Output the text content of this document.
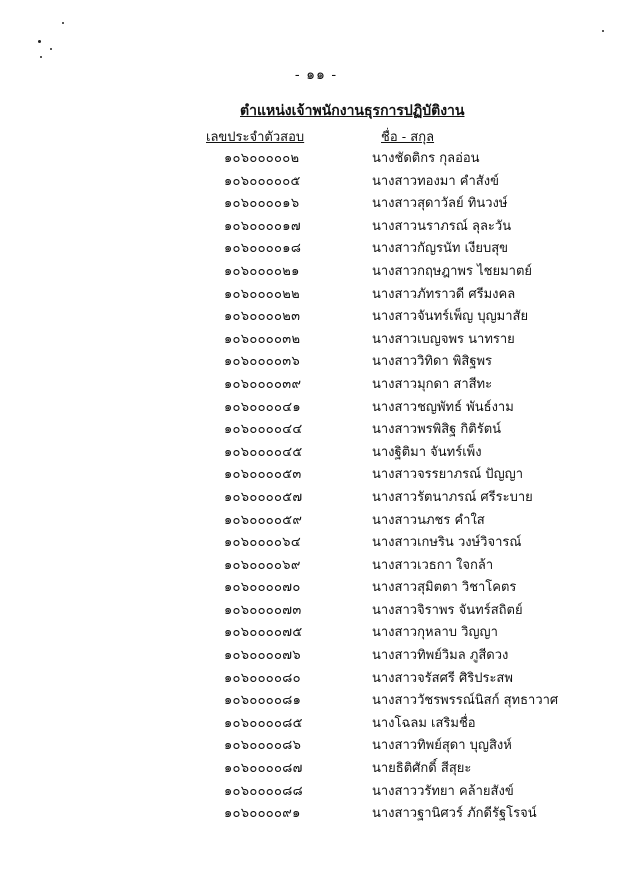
- ๑๑ -
ตำแหน่งเจ้าพนักงานธุรการปฏิบัติงาน
เลขประจำตัวสอบ	ชื่อ - สกุล
๑๐๖๐๐๐๐๐๒	นางชัดติกร กุลอ่อน
๑๐๖๐๐๐๐๐๕	นางสาวทองมา คำสังข์
๑๐๖๐๐๐๐๑๖	นางสาวสุดาวัลย์ ทินวงษ์
๑๐๖๐๐๐๐๑๗	นางสาวนราภรณ์ ลุละวัน
๑๐๖๐๐๐๐๑๘	นางสาวกัญรนัท เงียบสุข
๑๐๖๐๐๐๐๒๑	นางสาวกฤษฎาพร ไชยมาตย์
๑๐๖๐๐๐๐๒๒	นางสาวภัทราวดี ศรีมงคล
๑๐๖๐๐๐๐๒๓	นางสาวจันทร์เพ็ญ บุญมาสัย
๑๐๖๐๐๐๐๓๒	นางสาวเบญจพร นาทราย
๑๐๖๐๐๐๐๓๖	นางสาววิทิดา พิสิฐพร
๑๐๖๐๐๐๐๓๙	นางสาวมุกดา สาสีทะ
๑๐๖๐๐๐๐๔๑	นางสาวชญพัทธ์ พันธ์งาม
๑๐๖๐๐๐๐๔๔	นางสาวพรพิสิฐ กิติรัตน์
๑๐๖๐๐๐๐๔๕	นางฐิติมา จันทร์เพ็ง
๑๐๖๐๐๐๐๕๓	นางสาวจรรยาภรณ์ ปัญญา
๑๐๖๐๐๐๐๕๗	นางสาวรัตนาภรณ์ ศรีระบาย
๑๐๖๐๐๐๐๕๙	นางสาวนภชร คำใส
๑๐๖๐๐๐๐๖๔	นางสาวเกษริน วงษ์วิจารณ์
๑๐๖๐๐๐๐๖๙	นางสาวเวธกา ใจกล้า
๑๐๖๐๐๐๐๗๐	นางสาวสุมิตตา วิชาโคตร
๑๐๖๐๐๐๐๗๓	นางสาวจิราพร จันทร์สถิตย์
๑๐๖๐๐๐๐๗๕	นางสาวกุหลาบ วิญญา
๑๐๖๐๐๐๐๗๖	นางสาวทิพย์วิมล ภูสีดวง
๑๐๖๐๐๐๐๘๐	นางสาวจรัสศรี ศิริประสพ
๑๐๖๐๐๐๐๘๑	นางสาววัชรพรรณ์นิสก์ สุทธาวาศ
๑๐๖๐๐๐๐๘๕	นางโฉลม เสริมชื่อ
๑๐๖๐๐๐๐๘๖	นางสาวทิพย์สุดา บุญสิงห์
๑๐๖๐๐๐๐๘๗	นายธิติศักดิ์ สีสุยะ
๑๐๖๐๐๐๐๘๘	นางสาววรัทยา คล้ายสังข์
๑๐๖๐๐๐๐๙๑	นางสาวฐานิศวร์ ภักดีรัฐโรจน์
